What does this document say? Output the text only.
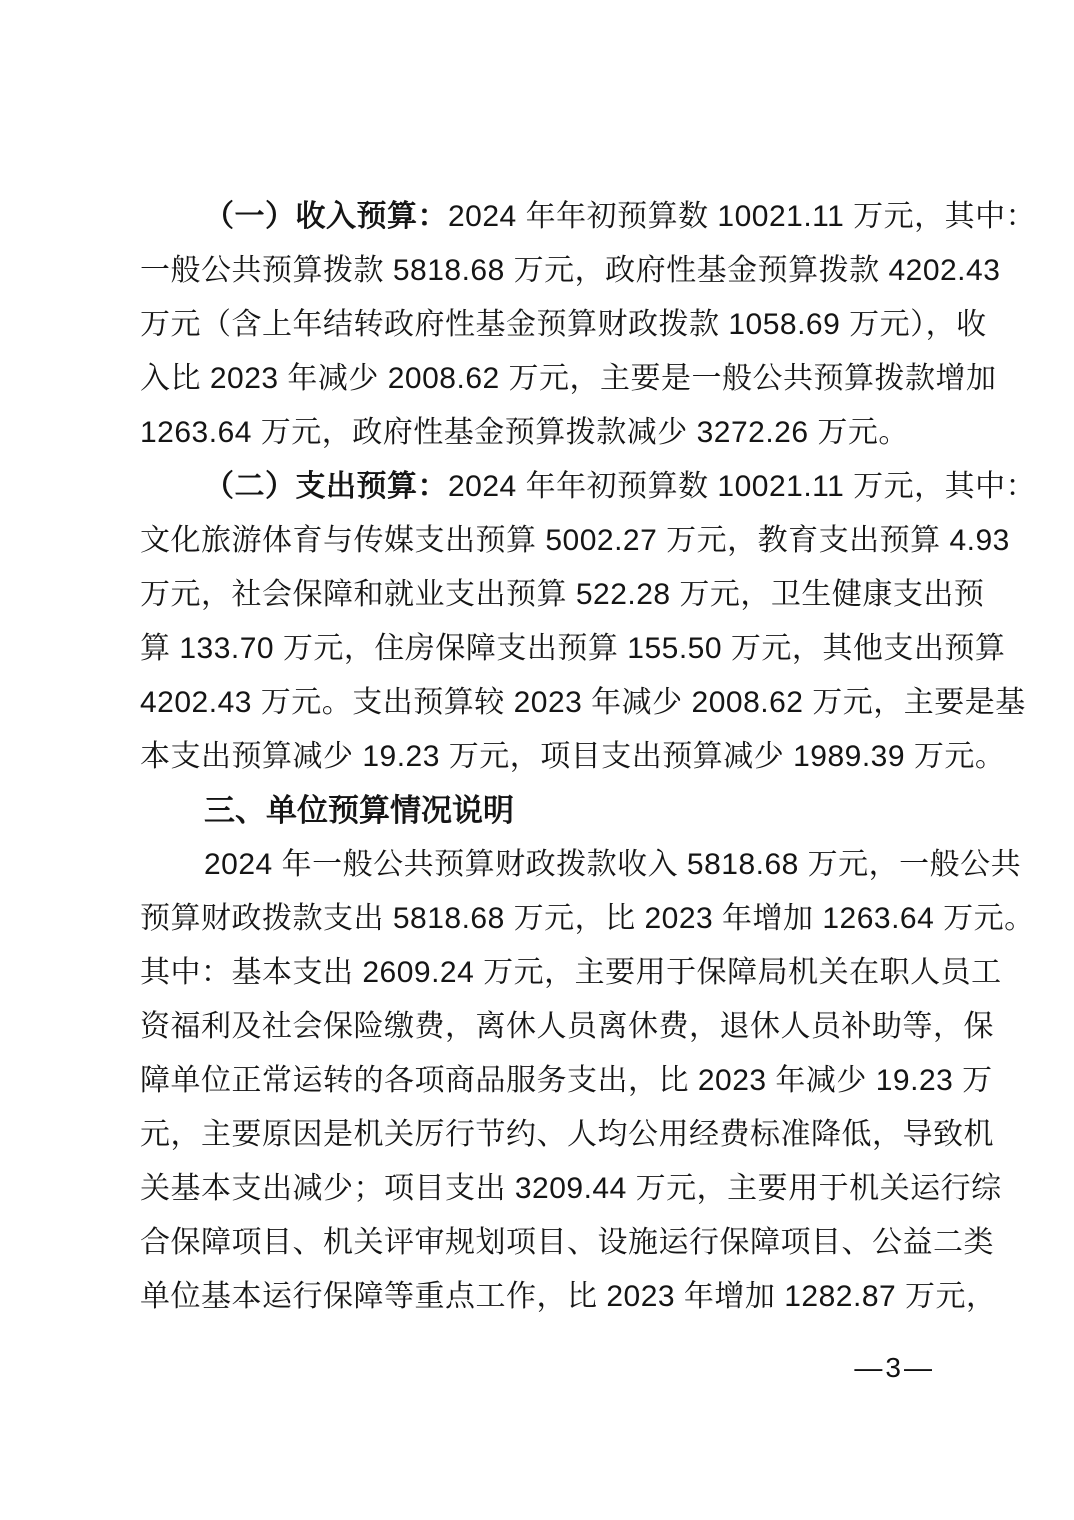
（一）收入预算：2024 年年初预算数 10021.11 万元，其中：
一般公共预算拨款 5818.68 万元，政府性基金预算拨款 4202.43
万元（含上年结转政府性基金预算财政拨款 1058.69 万元），收
入比 2023 年减少 2008.62 万元，主要是一般公共预算拨款增加
1263.64 万元，政府性基金预算拨款减少 3272.26 万元。
（二）支出预算：2024 年年初预算数 10021.11 万元，其中：
文化旅游体育与传媒支出预算 5002.27 万元，教育支出预算 4.93
万元，社会保障和就业支出预算 522.28 万元，卫生健康支出预
算 133.70 万元，住房保障支出预算 155.50 万元，其他支出预算
4202.43 万元。支出预算较 2023 年减少 2008.62 万元，主要是基
本支出预算减少 19.23 万元，项目支出预算减少 1989.39 万元。
三、单位预算情况说明
2024 年一般公共预算财政拨款收入 5818.68 万元，一般公共
预算财政拨款支出 5818.68 万元，比 2023 年增加 1263.64 万元。
其中：基本支出 2609.24 万元，主要用于保障局机关在职人员工
资福利及社会保险缴费，离休人员离休费，退休人员补助等，保
障单位正常运转的各项商品服务支出，比 2023 年减少 19.23 万
元，主要原因是机关厉行节约、人均公用经费标准降低，导致机
关基本支出减少；项目支出 3209.44 万元，主要用于机关运行综
合保障项目、机关评审规划项目、设施运行保障项目、公益二类
单位基本运行保障等重点工作，比 2023 年增加 1282.87 万元，
—3—
